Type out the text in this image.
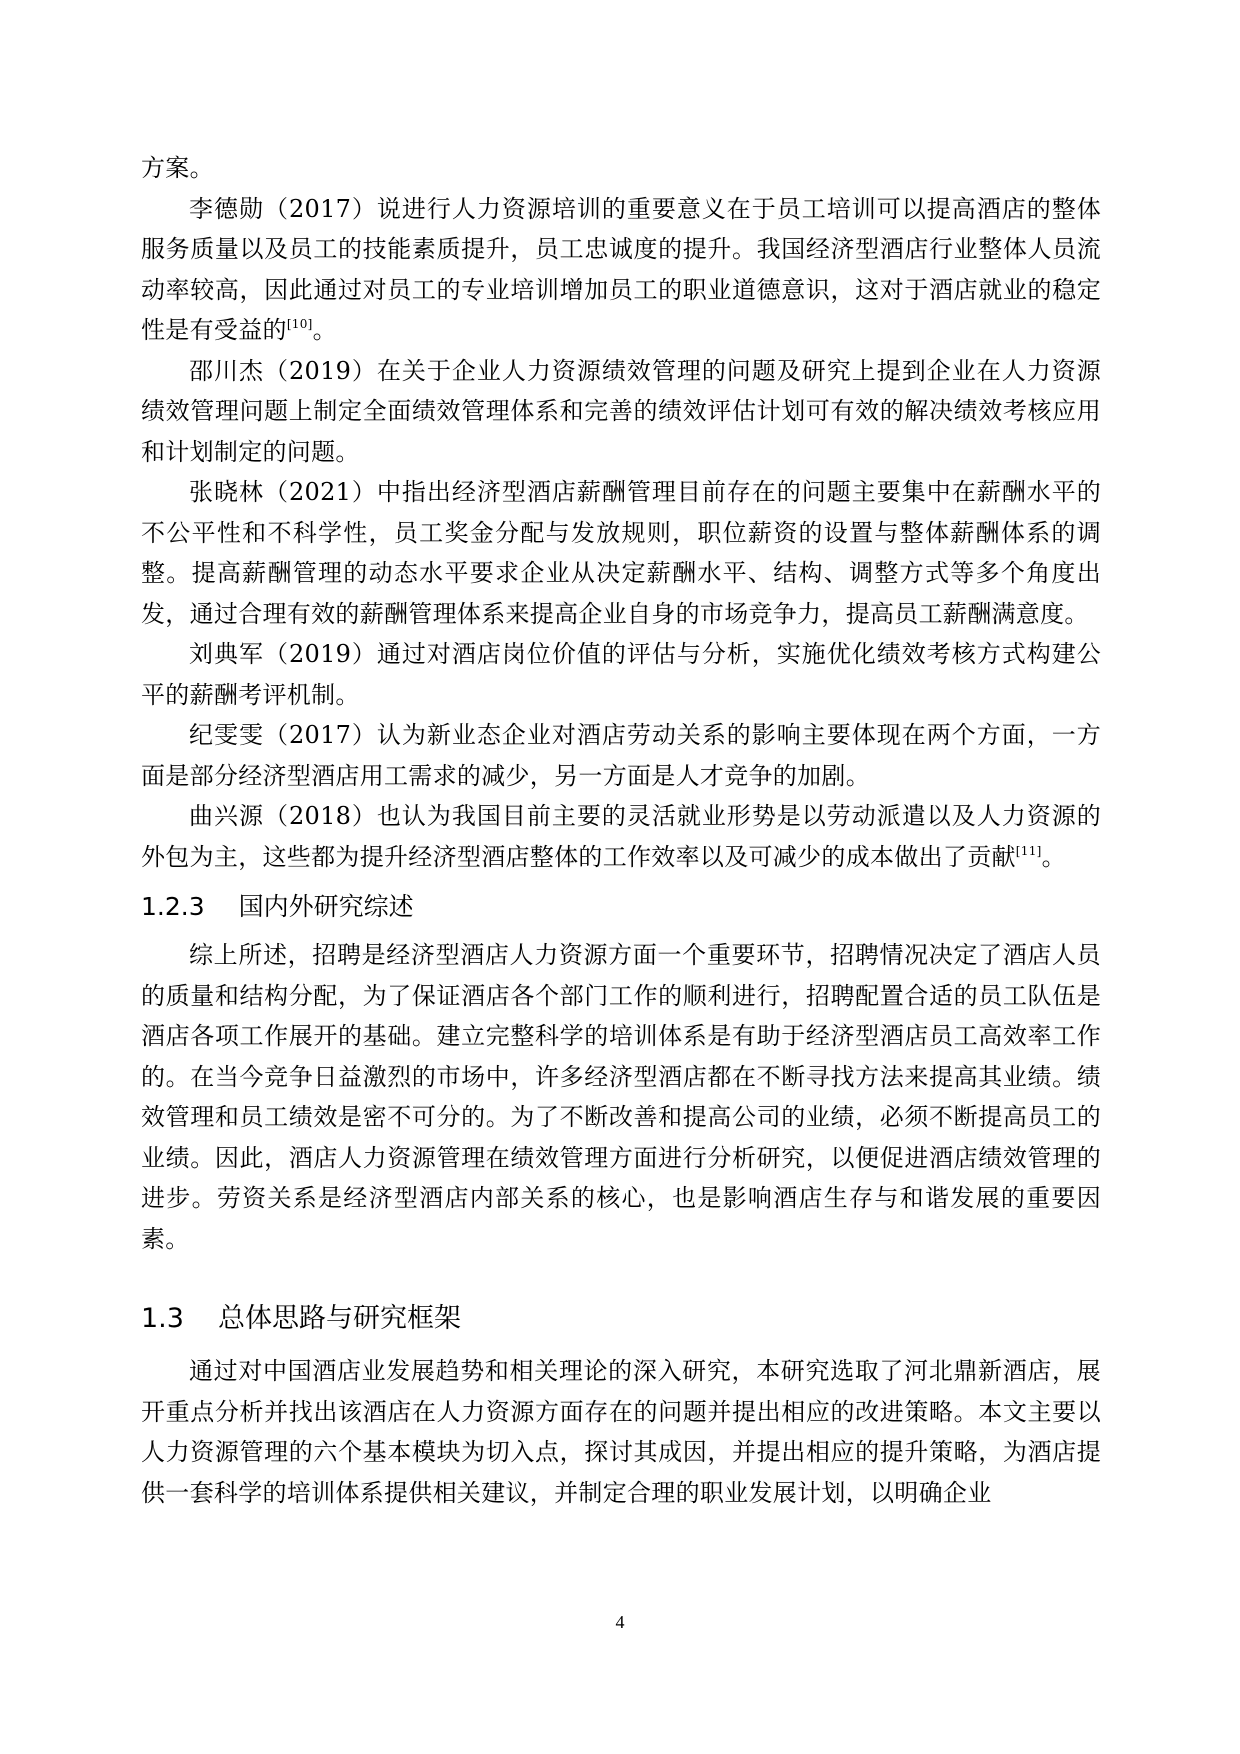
方案。

李德勋（2017）说进行人力资源培训的重要意义在于员工培训可以提高酒店的整体服务质量以及员工的技能素质提升，员工忠诚度的提升。我国经济型酒店行业整体人员流动率较高，因此通过对员工的专业培训增加员工的职业道德意识，这对于酒店就业的稳定性是有受益的[10]。

邵川杰（2019）在关于企业人力资源绩效管理的问题及研究上提到企业在人力资源绩效管理问题上制定全面绩效管理体系和完善的绩效评估计划可有效的解决绩效考核应用和计划制定的问题。

张晓林（2021）中指出经济型酒店薪酬管理目前存在的问题主要集中在薪酬水平的不公平性和不科学性，员工奖金分配与发放规则，职位薪资的设置与整体薪酬体系的调整。提高薪酬管理的动态水平要求企业从决定薪酬水平、结构、调整方式等多个角度出发，通过合理有效的薪酬管理体系来提高企业自身的市场竞争力，提高员工薪酬满意度。

刘典军（2019）通过对酒店岗位价值的评估与分析，实施优化绩效考核方式构建公平的薪酬考评机制。

纪雯雯（2017）认为新业态企业对酒店劳动关系的影响主要体现在两个方面，一方面是部分经济型酒店用工需求的减少，另一方面是人才竞争的加剧。

曲兴源（2018）也认为我国目前主要的灵活就业形势是以劳动派遣以及人力资源的外包为主，这些都为提升经济型酒店整体的工作效率以及可减少的成本做出了贡献[11]。

1.2.3 国内外研究综述

综上所述，招聘是经济型酒店人力资源方面一个重要环节，招聘情况决定了酒店人员的质量和结构分配，为了保证酒店各个部门工作的顺利进行，招聘配置合适的员工队伍是酒店各项工作展开的基础。建立完整科学的培训体系是有助于经济型酒店员工高效率工作的。在当今竞争日益激烈的市场中，许多经济型酒店都在不断寻找方法来提高其业绩。绩效管理和员工绩效是密不可分的。为了不断改善和提高公司的业绩，必须不断提高员工的业绩。因此，酒店人力资源管理在绩效管理方面进行分析研究，以便促进酒店绩效管理的进步。劳资关系是经济型酒店内部关系的核心，也是影响酒店生存与和谐发展的重要因素。

1.3 总体思路与研究框架

通过对中国酒店业发展趋势和相关理论的深入研究，本研究选取了河北鼎新酒店，展开重点分析并找出该酒店在人力资源方面存在的问题并提出相应的改进策略。本文主要以人力资源管理的六个基本模块为切入点，探讨其成因，并提出相应的提升策略，为酒店提供一套科学的培训体系提供相关建议，并制定合理的职业发展计划，以明确企业

4
